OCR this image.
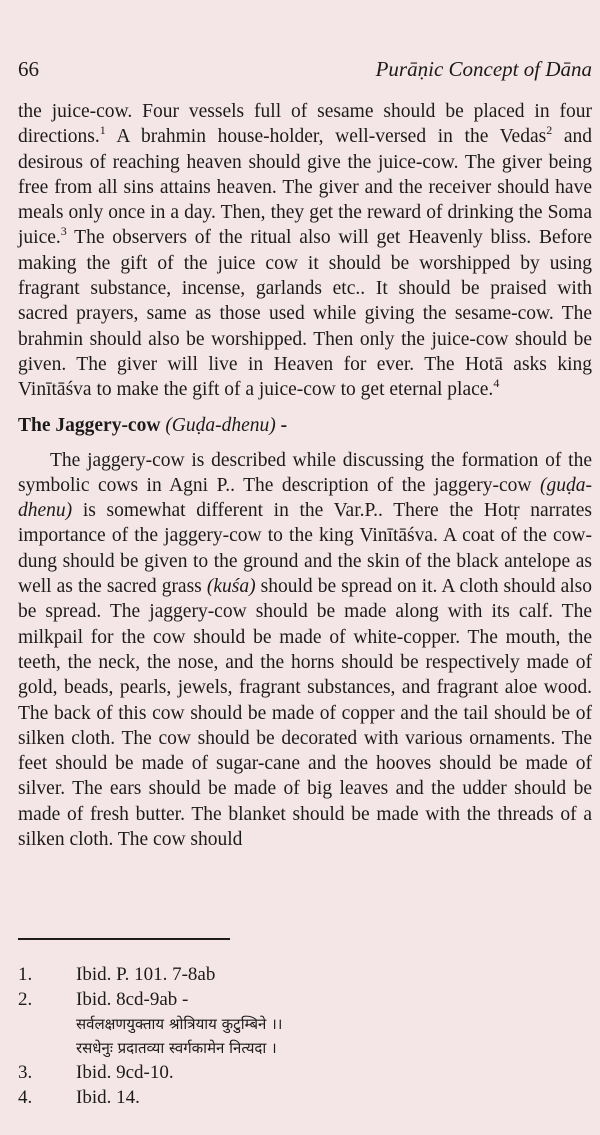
66	Purāṇic Concept of Dāna

the juice-cow. Four vessels full of sesame should be placed in four directions.$^1$ A brahmin house-holder, well-versed in the Vedas$^2$ and desirous of reaching heaven should give the juice-cow. The giver being free from all sins attains heaven. The giver and the receiver should have meals only once in a day. Then, they get the reward of drinking the Soma juice.$^3$ The observers of the ritual also will get Heavenly bliss. Before making the gift of the juice cow it should be worshipped by using fragrant substance, incense, garlands etc.. It should be praised with sacred prayers, same as those used while giving the sesame-cow. The brahmin should also be worshipped. Then only the juice-cow should be given. The giver will live in Heaven for ever. The Hotā asks king Vinītāśva to make the gift of a juice-cow to get eternal place.$^4$

The Jaggery-cow (Guḍa-dhenu) -

The jaggery-cow is described while discussing the formation of the symbolic cows in Agni P.. The description of the jaggery-cow (guḍa-dhenu) is somewhat different in the Var.P.. There the Hotṛ narrates importance of the jaggery-cow to the king Vinītāśva. A coat of the cow-dung should be given to the ground and the skin of the black antelope as well as the sacred grass (kuśa) should be spread on it. A cloth should also be spread. The jaggery-cow should be made along with its calf. The milkpail for the cow should be made of white-copper. The mouth, the teeth, the neck, the nose, and the horns should be respectively made of gold, beads, pearls, jewels, fragrant substances, and fragrant aloe wood. The back of this cow should be made of copper and the tail should be of silken cloth. The cow should be decorated with various ornaments. The feet should be made of sugar-cane and the hooves should be made of silver. The ears should be made of big leaves and the udder should be made of fresh butter. The blanket should be made with the threads of a silken cloth. The cow should

1.	Ibid. P. 101. 7-8ab
2.	Ibid. 8cd-9ab -
सर्वलक्षणयुक्ताय श्रोत्रियाय कुटुम्बिने ।।
रसधेनुः प्रदातव्या स्वर्गकामेन नित्यदा ।
3.	Ibid. 9cd-10.
4.	Ibid. 14.
